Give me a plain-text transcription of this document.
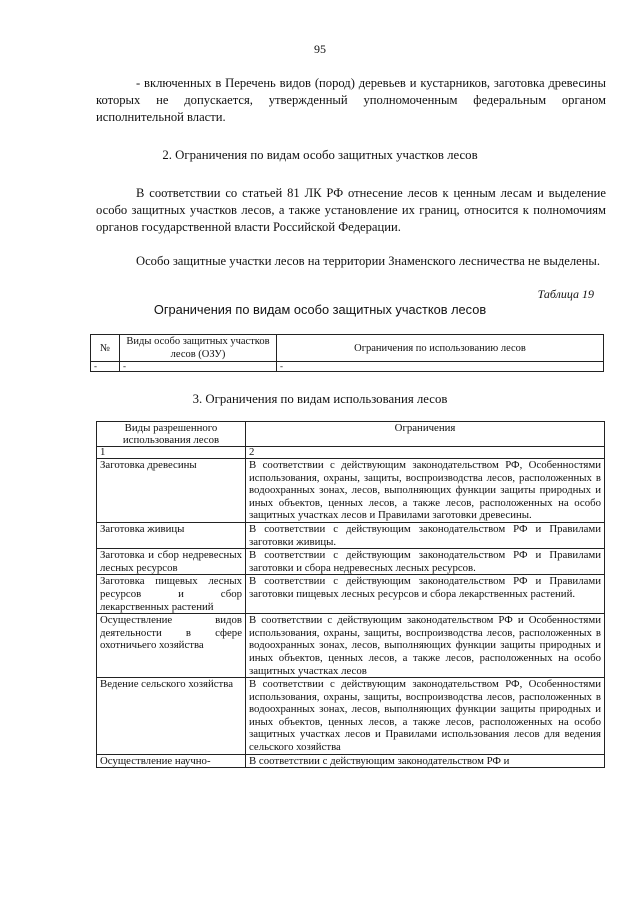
95
- включенных в Перечень видов (пород) деревьев и кустарников, заготовка древесины которых не допускается, утвержденный уполномоченным федеральным органом исполнительной власти.
2. Ограничения по видам особо защитных участков лесов
В соответствии со статьей 81 ЛК РФ отнесение лесов к ценным лесам и выделение особо защитных участков лесов, а также установление их границ, относится к полномочиям органов государственной власти Российской Федерации.
Особо защитные участки лесов на территории Знаменского лесничества не выделены.
Таблица 19
Ограничения по видам особо защитных участков лесов
№	Виды особо защитных участков лесов (ОЗУ)	Ограничения по использованию лесов
-	-	-
3. Ограничения по видам использования лесов
Виды разрешенного использования лесов	Ограничения
1	2
Заготовка древесины	В соответствии с действующим законодательством РФ, Особенностями использования, охраны, защиты, воспроизводства лесов, расположенных в водоохранных зонах, лесов, выполняющих функции защиты природных и иных объектов, ценных лесов, а также лесов, расположенных на особо защитных участках лесов и Правилами заготовки древесины.
Заготовка живицы	В соответствии с действующим законодательством РФ и Правилами заготовки живицы.
Заготовка и сбор недревесных лесных ресурсов	В соответствии с действующим законодательством РФ и Правилами заготовки и сбора недревесных лесных ресурсов.
Заготовка пищевых лесных ресурсов и сбор лекарственных растений	В соответствии с действующим законодательством РФ и Правилами заготовки пищевых лесных ресурсов и сбора лекарственных растений.
Осуществление видов деятельности в сфере охотничьего хозяйства	В соответствии с действующим законодательством РФ и Особенностями использования, охраны, защиты, воспроизводства лесов, расположенных в водоохранных зонах, лесов, выполняющих функции защиты природных и иных объектов, ценных лесов, а также лесов, расположенных на особо защитных участках лесов
Ведение сельского хозяйства	В соответствии с действующим законодательством РФ, Особенностями использования, охраны, защиты, воспроизводства лесов, расположенных в водоохранных зонах, лесов, выполняющих функции защиты природных и иных объектов, ценных лесов, а также лесов, расположенных на особо защитных участках лесов и Правилами использования лесов для ведения сельского хозяйства
Осуществление научно-	В соответствии с действующим законодательством РФ и
